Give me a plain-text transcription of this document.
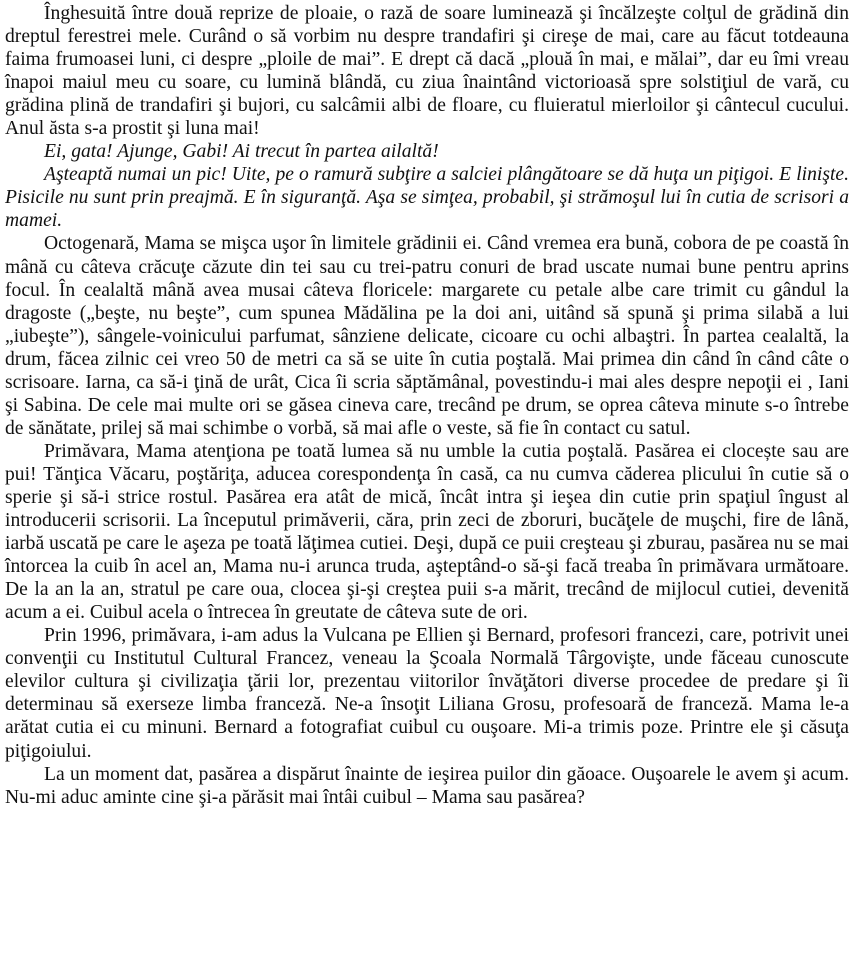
Înghesuită între două reprize de ploaie, o rază de soare luminează şi încălzeşte colţul de grădină din dreptul ferestrei mele. Curând o să vorbim nu despre trandafiri şi cireşe de mai, care au făcut totdeauna faima frumoasei luni, ci despre „ploile de mai”. E drept că dacă „plouă în mai, e mălai”, dar eu îmi vreau înapoi maiul meu cu soare, cu lumină blândă, cu ziua înaintând victorioasă spre solstiţiul de vară, cu grădina plină de trandafiri şi bujori, cu salcâmii albi de floare, cu fluieratul mierloilor şi cântecul cucului. Anul ăsta s-a prostit şi luna mai!

Ei, gata! Ajunge, Gabi! Ai trecut în partea ailaltă!

Aşteaptă numai un pic! Uite, pe o ramură subţire a salciei plângătoare se dă huţa un piţigoi. E linişte. Pisicile nu sunt prin preajmă. E în siguranţă. Aşa se simţea, probabil, şi strămoşul lui în cutia de scrisori a mamei.

Octogenară, Mama se mişca uşor în limitele grădinii ei. Când vremea era bună, cobora de pe coastă în mână cu câteva crăcuţe căzute din tei sau cu trei-patru conuri de brad uscate numai bune pentru aprins focul. În cealaltă mână avea musai câteva floricele: margarete cu petale albe care trimit cu gândul la dragoste („beşte, nu beşte”, cum spunea Mădălina pe la doi ani, uitând să spună şi prima silabă a lui „iubeşte”), sângele-voinicului parfumat, sânziene delicate, cicoare cu ochi albaştri. În partea cealaltă, la drum, făcea zilnic cei vreo 50 de metri ca să se uite în cutia poştală. Mai primea din când în când câte o scrisoare. Iarna, ca să-i ţină de urât, Cica îi scria săptămânal, povestindu-i mai ales despre nepoţii ei , Iani şi Sabina. De cele mai multe ori se găsea cineva care, trecând pe drum, se oprea câteva minute s-o întrebe de sănătate, prilej să mai schimbe o vorbă, să mai afle o veste, să fie în contact cu satul.

Primăvara, Mama atenţiona pe toată lumea să nu umble la cutia poştală. Pasărea ei clocește sau are pui! Tănţica Văcaru, poştăriţa, aducea corespondenţa în casă, ca nu cumva căderea plicului în cutie să o sperie şi să-i strice rostul. Pasărea era atât de mică, încât intra şi ieşea din cutie prin spaţiul îngust al introducerii scrisorii. La începutul primăverii, căra, prin zeci de zboruri, bucăţele de muşchi, fire de lână, iarbă uscată pe care le aşeza pe toată lăţimea cutiei. Deşi, după ce puii creşteau şi zburau, pasărea nu se mai întorcea la cuib în acel an, Mama nu-i arunca truda, aşteptând-o să-şi facă treaba în primăvara următoare. De la an la an, stratul pe care oua, clocea şi-şi creştea puii s-a mărit, trecând de mijlocul cutiei, devenită acum a ei. Cuibul acela o întrecea în greutate de câteva sute de ori.

Prin 1996, primăvara, i-am adus la Vulcana pe Ellien şi Bernard, profesori francezi, care, potrivit unei convenţii cu Institutul Cultural Francez, veneau la Şcoala Normală Târgovişte, unde făceau cunoscute elevilor cultura şi civilizaţia ţării lor, prezentau viitorilor învăţători diverse procedee de predare şi îi determinau să exerseze limba franceză. Ne-a însoţit Liliana Grosu, profesoară de franceză. Mama le-a arătat cutia ei cu minuni. Bernard a fotografiat cuibul cu ouşoare. Mi-a trimis poze. Printre ele şi căsuţa piţigoiului.

La un moment dat, pasărea a dispărut înainte de ieşirea puilor din găoace. Ouşoarele le avem şi acum. Nu-mi aduc aminte cine şi-a părăsit mai întâi cuibul – Mama sau pasărea?
